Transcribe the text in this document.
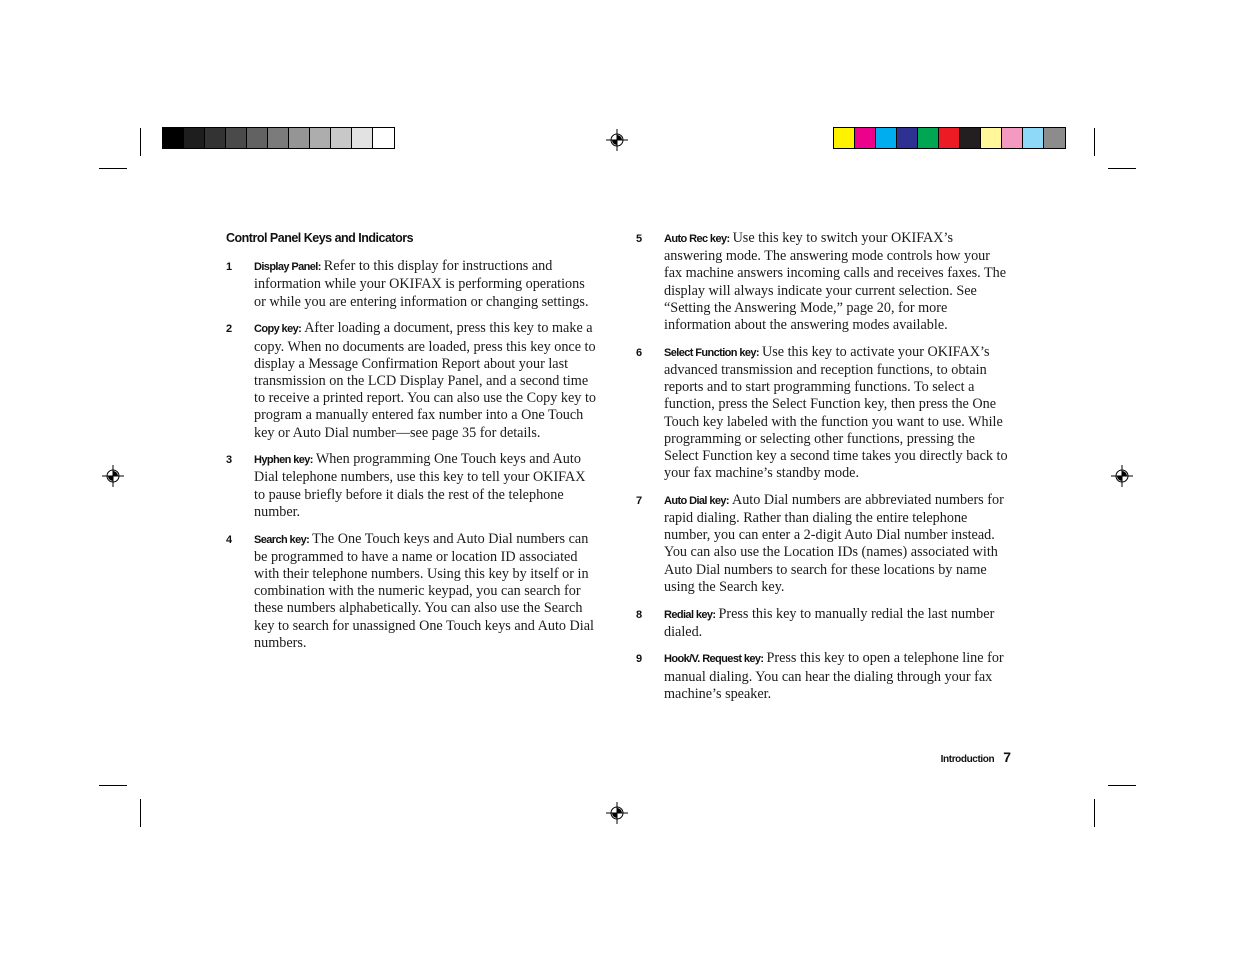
Control Panel Keys and Indicators
1 Display Panel: Refer to this display for instructions and information while your OKIFAX is performing operations or while you are entering information or changing settings.
2 Copy key: After loading a document, press this key to make a copy. When no documents are loaded, press this key once to display a Message Confirmation Report about your last transmission on the LCD Display Panel, and a second time to receive a printed report. You can also use the Copy key to program a manually entered fax number into a One Touch key or Auto Dial number—see page 35 for details.
3 Hyphen key: When programming One Touch keys and Auto Dial telephone numbers, use this key to tell your OKIFAX to pause briefly before it dials the rest of the telephone number.
4 Search key: The One Touch keys and Auto Dial numbers can be programmed to have a name or location ID associated with their telephone numbers. Using this key by itself or in combination with the numeric keypad, you can search for these numbers alphabetically. You can also use the Search key to search for unassigned One Touch keys and Auto Dial numbers.
5 Auto Rec key: Use this key to switch your OKIFAX’s answering mode. The answering mode controls how your fax machine answers incoming calls and receives faxes. The display will always indicate your current selection. See “Setting the Answering Mode,” page 20, for more information about the answering modes available.
6 Select Function key: Use this key to activate your OKIFAX’s advanced transmission and reception functions, to obtain reports and to start programming functions. To select a function, press the Select Function key, then press the One Touch key labeled with the function you want to use. While programming or selecting other functions, pressing the Select Function key a second time takes you directly back to your fax machine’s standby mode.
7 Auto Dial key: Auto Dial numbers are abbreviated numbers for rapid dialing. Rather than dialing the entire telephone number, you can enter a 2-digit Auto Dial number instead. You can also use the Location IDs (names) associated with Auto Dial numbers to search for these locations by name using the Search key.
8 Redial key: Press this key to manually redial the last number dialed.
9 Hook/V. Request key: Press this key to open a telephone line for manual dialing. You can hear the dialing through your fax machine’s speaker.
Introduction 7
